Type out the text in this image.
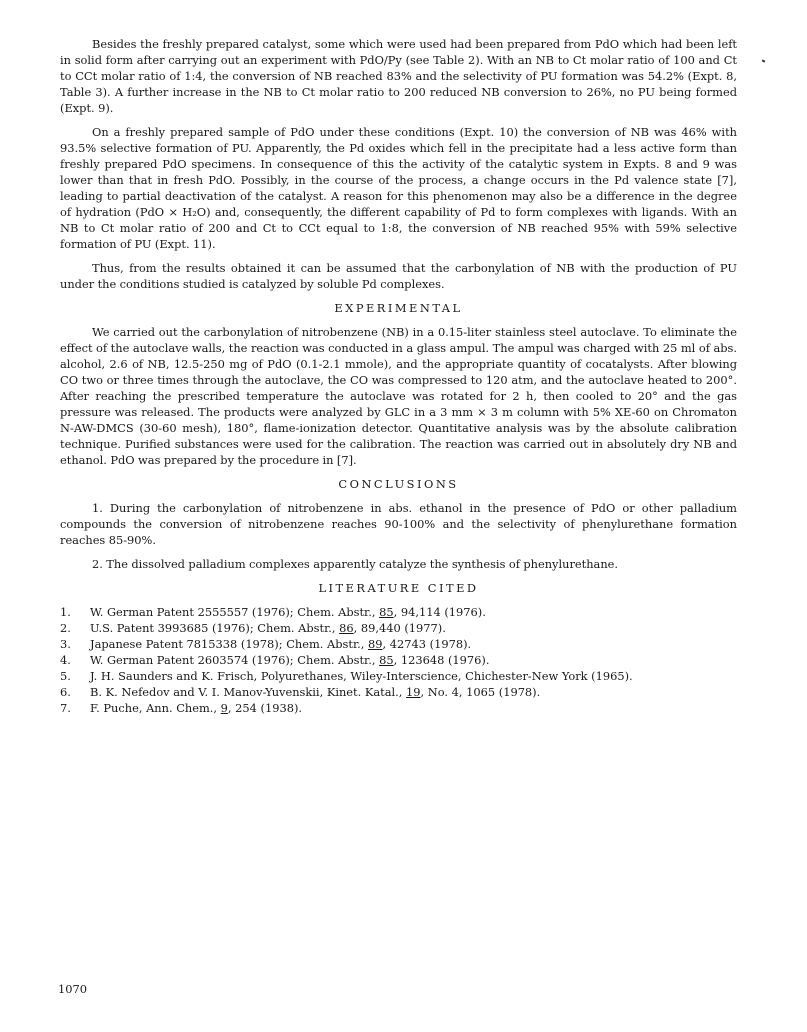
Besides the freshly prepared catalyst, some which were used had been prepared from PdO which had been left in solid form after carrying out an experiment with PdO/Py (see Table 2). With an NB to Ct molar ratio of 100 and Ct to CCt molar ratio of 1:4, the conversion of NB reached 83% and the selectivity of PU formation was 54.2% (Expt. 8, Table 3). A further increase in the NB to Ct molar ratio to 200 reduced NB conversion to 26%, no PU being formed (Expt. 9).

On a freshly prepared sample of PdO under these conditions (Expt. 10) the conversion of NB was 46% with 93.5% selective formation of PU. Apparently, the Pd oxides which fell in the precipitate had a less active form than freshly prepared PdO specimens. In consequence of this the activity of the catalytic system in Expts. 8 and 9 was lower than that in fresh PdO. Possibly, in the course of the process, a change occurs in the Pd valence state [7], leading to partial deactivation of the catalyst. A reason for this phenomenon may also be a difference in the degree of hydration (PdO × H₂O) and, consequently, the different capability of Pd to form complexes with ligands. With an NB to Ct molar ratio of 200 and Ct to CCt equal to 1:8, the conversion of NB reached 95% with 59% selective formation of PU (Expt. 11).

Thus, from the results obtained it can be assumed that the carbonylation of NB with the production of PU under the conditions studied is catalyzed by soluble Pd complexes.

EXPERIMENTAL

We carried out the carbonylation of nitrobenzene (NB) in a 0.15-liter stainless steel autoclave. To eliminate the effect of the autoclave walls, the reaction was conducted in a glass ampul. The ampul was charged with 25 ml of abs. alcohol, 2.6 of NB, 12.5-250 mg of PdO (0.1-2.1 mmole), and the appropriate quantity of cocatalysts. After blowing CO two or three times through the autoclave, the CO was compressed to 120 atm, and the autoclave heated to 200°. After reaching the prescribed temperature the autoclave was rotated for 2 h, then cooled to 20° and the gas pressure was released. The products were analyzed by GLC in a 3 mm × 3 m column with 5% XE-60 on Chromaton N-AW-DMCS (30-60 mesh), 180°, flame-ionization detector. Quantitative analysis was by the absolute calibration technique. Purified substances were used for the calibration. The reaction was carried out in absolutely dry NB and ethanol. PdO was prepared by the procedure in [7].

CONCLUSIONS

1. During the carbonylation of nitrobenzene in abs. ethanol in the presence of PdO or other palladium compounds the conversion of nitrobenzene reaches 90-100% and the selectivity of phenylurethane formation reaches 85-90%.

2. The dissolved palladium complexes apparently catalyze the synthesis of phenylurethane.

LITERATURE CITED
1.	W. German Patent 2555557 (1976); Chem. Abstr., 85, 94,114 (1976).
2.	U.S. Patent 3993685 (1976); Chem. Abstr., 86, 89,440 (1977).
3.	Japanese Patent 7815338 (1978); Chem. Abstr., 89, 42743 (1978).
4.	W. German Patent 2603574 (1976); Chem. Abstr., 85, 123648 (1976).
5.	J. H. Saunders and K. Frisch, Polyurethanes, Wiley-Interscience, Chichester-New York (1965).
6.	B. K. Nefedov and V. I. Manov-Yuvenskii, Kinet. Katal., 19, No. 4, 1065 (1978).
7.	F. Puche, Ann. Chem., 9, 254 (1938).
1070
